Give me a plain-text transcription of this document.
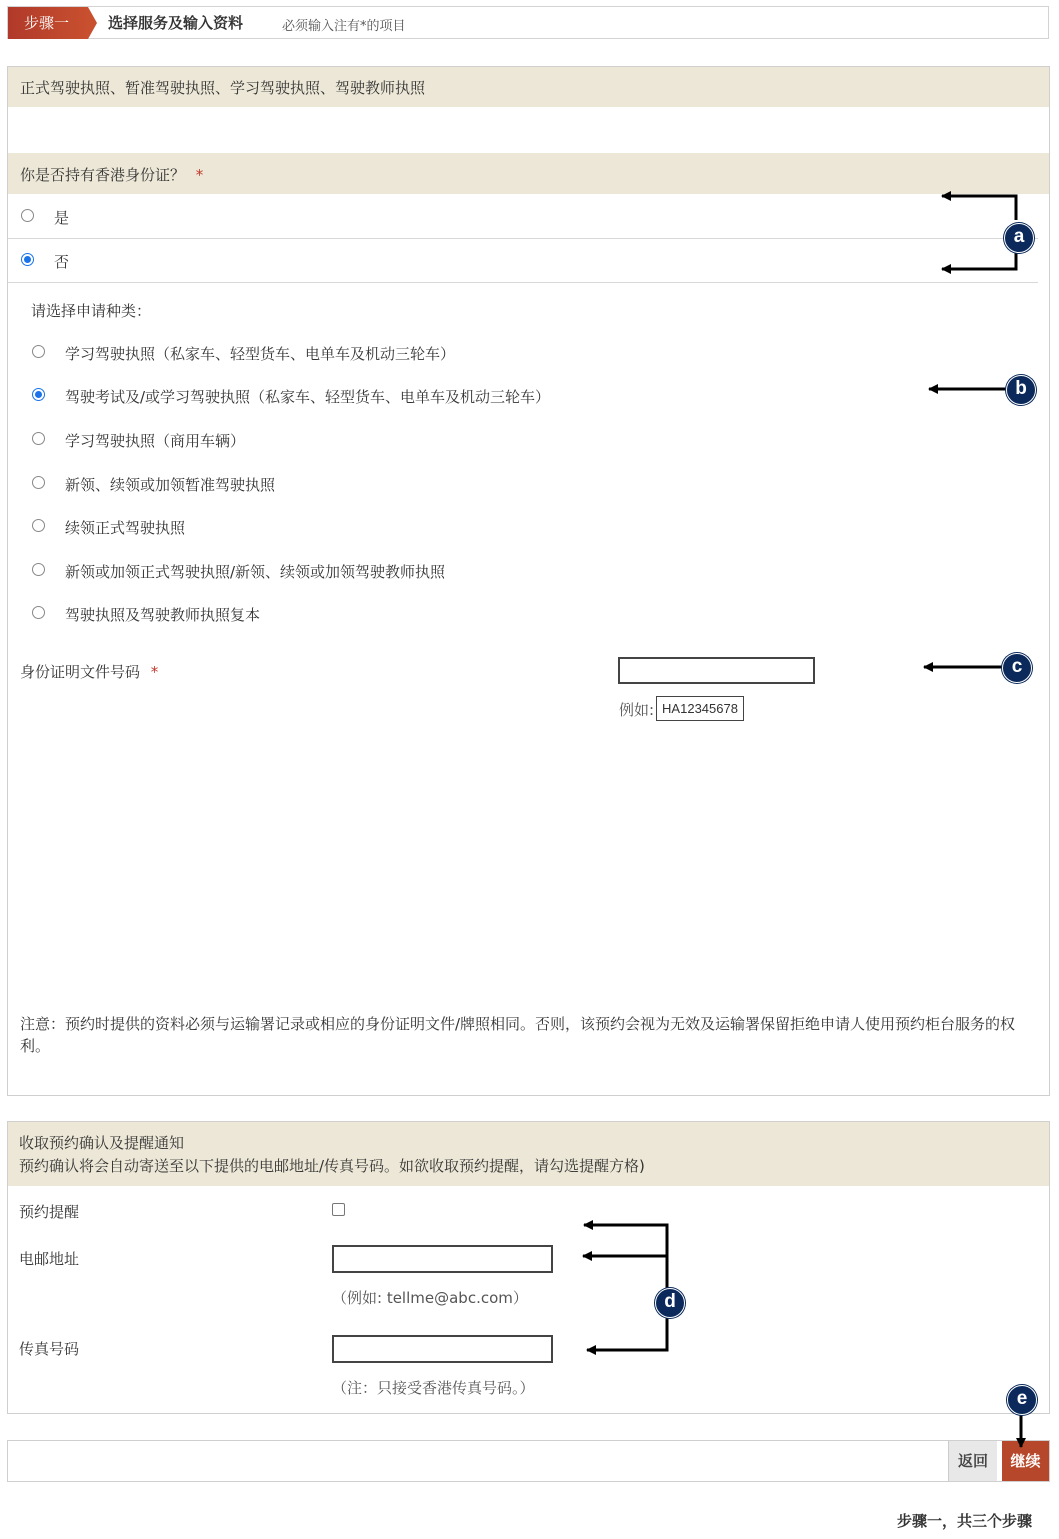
步骤一	选择服务及输入资料	必须输入注有*的项目
正式驾驶执照、暂准驾驶执照、学习驾驶执照、驾驶教师执照
你是否持有香港身份证？ *
是
否
请选择申请种类：
学习驾驶执照（私家车、轻型货车、电单车及机动三轮车）
驾驶考试及/或学习驾驶执照（私家车、轻型货车、电单车及机动三轮车）
学习驾驶执照（商用车辆）
新领、续领或加领暂准驾驶执照
续领正式驾驶执照
新领或加领正式驾驶执照/新领、续领或加领驾驶教师执照
驾驶执照及驾驶教师执照复本
身份证明文件号码 *
例如: HA12345678
注意：预约时提供的资料必须与运输署记录或相应的身份证明文件/牌照相同。否则，该预约会视为无效及运输署保留拒绝申请人使用预约柜台服务的权利。
收取预约确认及提醒通知
预约确认将会自动寄送至以下提供的电邮地址/传真号码。如欲收取预约提醒，请勾选提醒方格)
预约提醒
电邮地址
（例如: tellme@abc.com）
传真号码
（注：只接受香港传真号码。）
返回	继续
步骤一，共三个步骤
a
b
c
d
e
